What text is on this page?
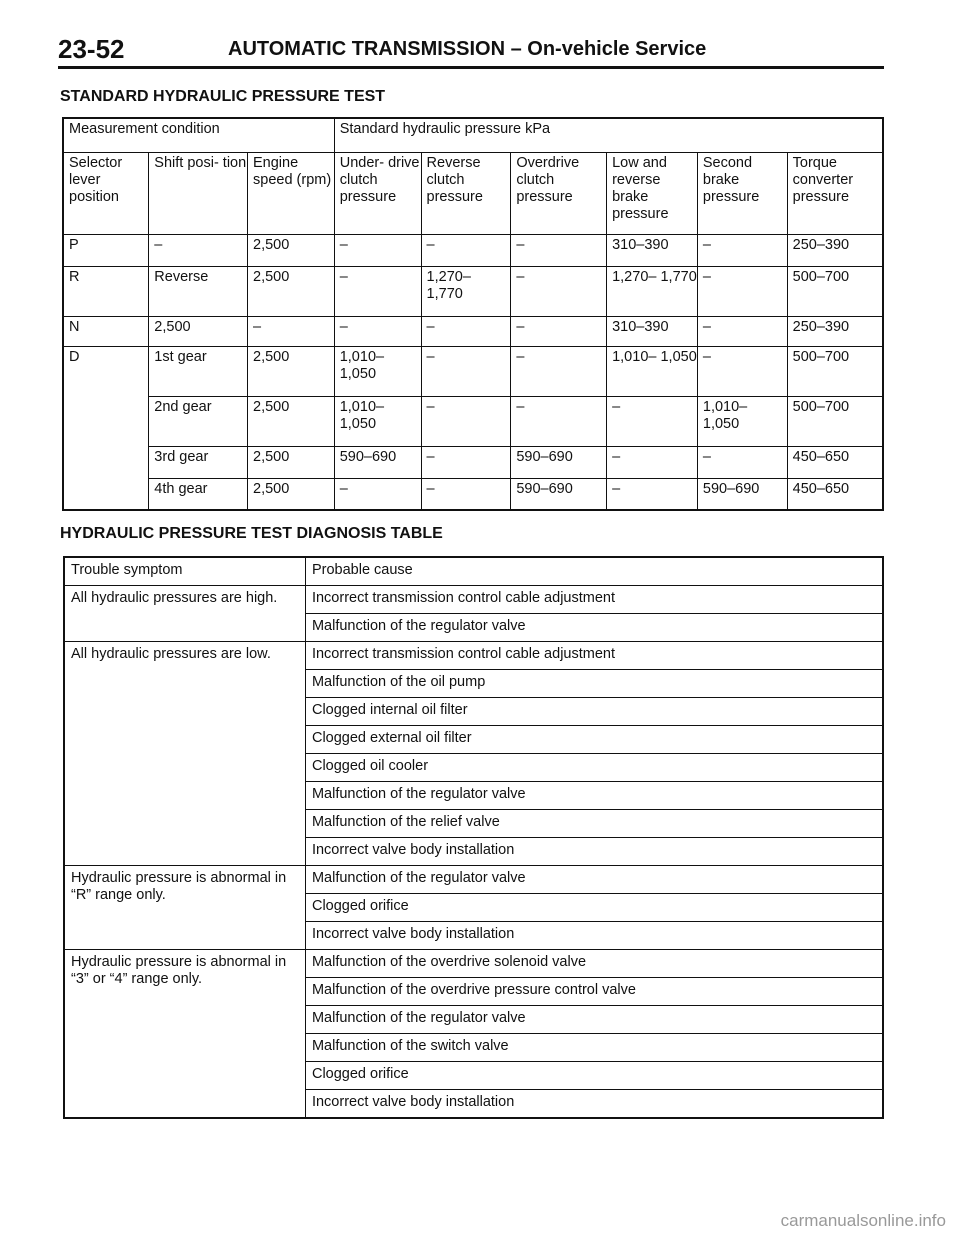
23-52	AUTOMATIC TRANSMISSION – On-vehicle Service
STANDARD HYDRAULIC PRESSURE TEST
Measurement condition			Standard hydraulic pressure kPa					
Selector lever position	Shift posi- tion	Engine speed (rpm)	Under- drive clutch pressure	Reverse clutch pressure	Overdrive clutch pressure	Low and reverse brake pressure	Second brake pressure	Torque converter pressure
P	–	2,500	–	–	–	310–390	–	250–390
R	Reverse	2,500	–	1,270– 1,770	–	1,270– 1,770	–	500–700
N	2,500	–	–	–	–	310–390	–	250–390
D	1st gear	2,500	1,010– 1,050	–	–	1,010– 1,050	–	500–700
	2nd gear	2,500	1,010– 1,050	–	–	–	1,010– 1,050	500–700
	3rd gear	2,500	590–690	–	590–690	–	–	450–650
	4th gear	2,500	–	–	590–690	–	590–690	450–650
HYDRAULIC PRESSURE TEST DIAGNOSIS TABLE
Trouble symptom	Probable cause
All hydraulic pressures are high.	Incorrect transmission control cable adjustment
	Malfunction of the regulator valve
All hydraulic pressures are low.	Incorrect transmission control cable adjustment
	Malfunction of the oil pump
	Clogged internal oil filter
	Clogged external oil filter
	Clogged oil cooler
	Malfunction of the regulator valve
	Malfunction of the relief valve
	Incorrect valve body installation
Hydraulic pressure is abnormal in “R” range only.	Malfunction of the regulator valve
	Clogged orifice
	Incorrect valve body installation
Hydraulic pressure is abnormal in “3” or “4” range only.	Malfunction of the overdrive solenoid valve
	Malfunction of the overdrive pressure control valve
	Malfunction of the regulator valve
	Malfunction of the switch valve
	Clogged orifice
	Incorrect valve body installation
carmanualsonline.info
